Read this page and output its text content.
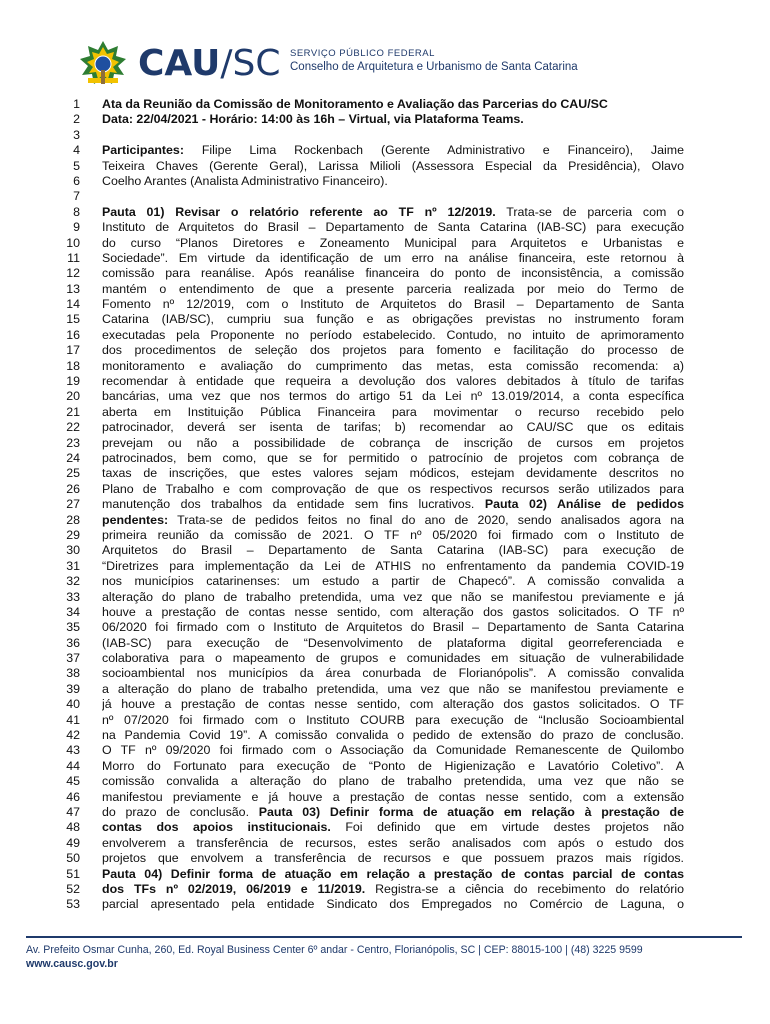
CAU/SC SERVIÇO PÚBLICO FEDERAL
Conselho de Arquitetura e Urbanismo de Santa Catarina
1	Ata da Reunião da Comissão de Monitoramento e Avaliação das Parcerias do CAU/SC
2	Data: 22/04/2021 - Horário: 14:00 às 16h – Virtual, via Plataforma Teams.
3
4	Participantes: Filipe Lima Rockenbach (Gerente Administrativo e Financeiro), Jaime
5	Teixeira Chaves (Gerente Geral), Larissa Milioli (Assessora Especial da Presidência), Olavo
6	Coelho Arantes (Analista Administrativo Financeiro).
7
8	Pauta 01) Revisar o relatório referente ao TF nº 12/2019. Trata-se de parceria com o
9	Instituto de Arquitetos do Brasil – Departamento de Santa Catarina (IAB-SC) para execução
10	do curso “Planos Diretores e Zoneamento Municipal para Arquitetos e Urbanistas e
11	Sociedade”. Em virtude da identificação de um erro na análise financeira, este retornou à
12	comissão para reanálise. Após reanálise financeira do ponto de inconsistência, a comissão
13	mantém o entendimento de que a presente parceria realizada por meio do Termo de
14	Fomento nº 12/2019, com o Instituto de Arquitetos do Brasil – Departamento de Santa
15	Catarina (IAB/SC), cumpriu sua função e as obrigações previstas no instrumento foram
16	executadas pela Proponente no período estabelecido. Contudo, no intuito de aprimoramento
17	dos procedimentos de seleção dos projetos para fomento e facilitação do processo de
18	monitoramento e avaliação do cumprimento das metas, esta comissão recomenda: a)
19	recomendar à entidade que requeira a devolução dos valores debitados à título de tarifas
20	bancárias, uma vez que nos termos do artigo 51 da Lei nº 13.019/2014, a conta específica
21	aberta em Instituição Pública Financeira para movimentar o recurso recebido pelo
22	patrocinador, deverá ser isenta de tarifas; b) recomendar ao CAU/SC que os editais
23	prevejam ou não a possibilidade de cobrança de inscrição de cursos em projetos
24	patrocinados, bem como, que se for permitido o patrocínio de projetos com cobrança de
25	taxas de inscrições, que estes valores sejam módicos, estejam devidamente descritos no
26	Plano de Trabalho e com comprovação de que os respectivos recursos serão utilizados para
27	manutenção dos trabalhos da entidade sem fins lucrativos. Pauta 02) Análise de pedidos
28	pendentes: Trata-se de pedidos feitos no final do ano de 2020, sendo analisados agora na
29	primeira reunião da comissão de 2021. O TF nº 05/2020 foi firmado com o Instituto de
30	Arquitetos do Brasil – Departamento de Santa Catarina (IAB-SC) para execução de
31	“Diretrizes para implementação da Lei de ATHIS no enfrentamento da pandemia COVID-19
32	nos municípios catarinenses: um estudo a partir de Chapecó”. A comissão convalida a
33	alteração do plano de trabalho pretendida, uma vez que não se manifestou previamente e já
34	houve a prestação de contas nesse sentido, com alteração dos gastos solicitados. O TF nº
35	06/2020 foi firmado com o Instituto de Arquitetos do Brasil – Departamento de Santa Catarina
36	(IAB-SC) para execução de “Desenvolvimento de plataforma digital georreferenciada e
37	colaborativa para o mapeamento de grupos e comunidades em situação de vulnerabilidade
38	socioambiental nos municípios da área conurbada de Florianópolis”. A comissão convalida
39	a alteração do plano de trabalho pretendida, uma vez que não se manifestou previamente e
40	já houve a prestação de contas nesse sentido, com alteração dos gastos solicitados. O TF
41	nº 07/2020 foi firmado com o Instituto COURB para execução de “Inclusão Socioambiental
42	na Pandemia Covid 19”. A comissão convalida o pedido de extensão do prazo de conclusão.
43	O TF nº 09/2020 foi firmado com o Associação da Comunidade Remanescente de Quilombo
44	Morro do Fortunato para execução de “Ponto de Higienização e Lavatório Coletivo”. A
45	comissão convalida a alteração do plano de trabalho pretendida, uma vez que não se
46	manifestou previamente e já houve a prestação de contas nesse sentido, com a extensão
47	do prazo de conclusão. Pauta 03) Definir forma de atuação em relação à prestação de
48	contas dos apoios institucionais. Foi definido que em virtude destes projetos não
49	envolverem a transferência de recursos, estes serão analisados com após o estudo dos
50	projetos que envolvem a transferência de recursos e que possuem prazos mais rígidos.
51	Pauta 04) Definir forma de atuação em relação a prestação de contas parcial de contas
52	dos TFs nº 02/2019, 06/2019 e 11/2019. Registra-se a ciência do recebimento do relatório
53	parcial apresentado pela entidade Sindicato dos Empregados no Comércio de Laguna, o
Av. Prefeito Osmar Cunha, 260, Ed. Royal Business Center 6º andar - Centro, Florianópolis, SC | CEP: 88015-100 | (48) 3225 9599
www.causc.gov.br
